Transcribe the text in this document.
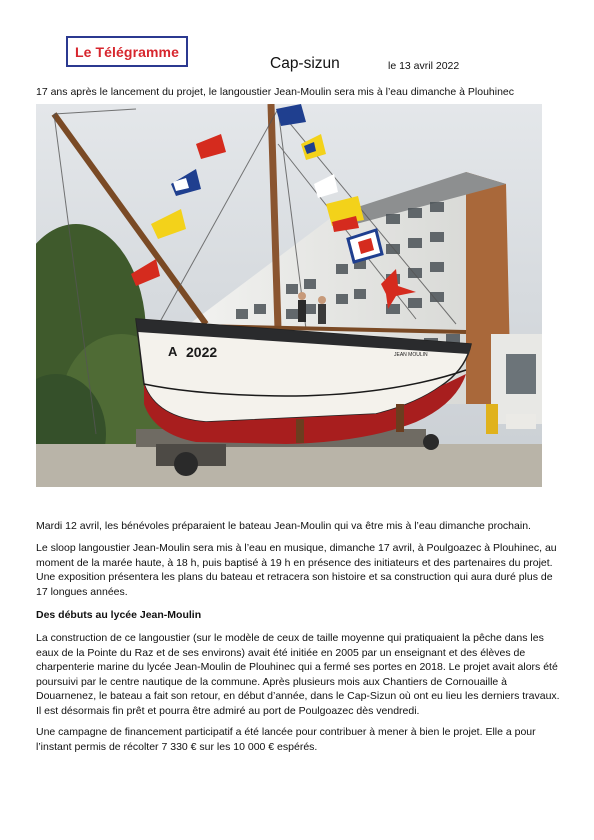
Le Télégramme
Cap-sizun	le 13 avril 2022
17 ans après le lancement du projet, le langoustier Jean-Moulin sera mis à l’eau dimanche à Plouhinec
A 2022	JEAN MOULIN

Mardi 12 avril, les bénévoles préparaient le bateau Jean-Moulin qui va être mis à l’eau dimanche prochain.

Le sloop langoustier Jean-Moulin sera mis à l’eau en musique, dimanche 17 avril, à Poulgoazec à Plouhinec, au moment de la marée haute, à 18 h, puis baptisé à 19 h en présence des initiateurs et des partenaires du projet. Une exposition présentera les plans du bateau et retracera son histoire et sa construction qui aura duré plus de 17 longues années.

Des débuts au lycée Jean-Moulin

La construction de ce langoustier (sur le modèle de ceux de taille moyenne qui pratiquaient la pêche dans les eaux de la Pointe du Raz et de ses environs) avait été initiée en 2005 par un enseignant et des élèves de charpenterie marine du lycée Jean-Moulin de Plouhinec qui a fermé ses portes en 2018. Le projet avait alors été poursuivi par le centre nautique de la commune. Après plusieurs mois aux Chantiers de Cornouaille à Douarnenez, le bateau a fait son retour, en début d’année, dans le Cap-Sizun où ont eu lieu les derniers travaux. Il est désormais fin prêt et pourra être admiré au port de Poulgoazec dès vendredi.

Une campagne de financement participatif a été lancée pour contribuer à mener à bien le projet. Elle a pour l’instant permis de récolter 7 330 € sur les 10 000 € espérés.
